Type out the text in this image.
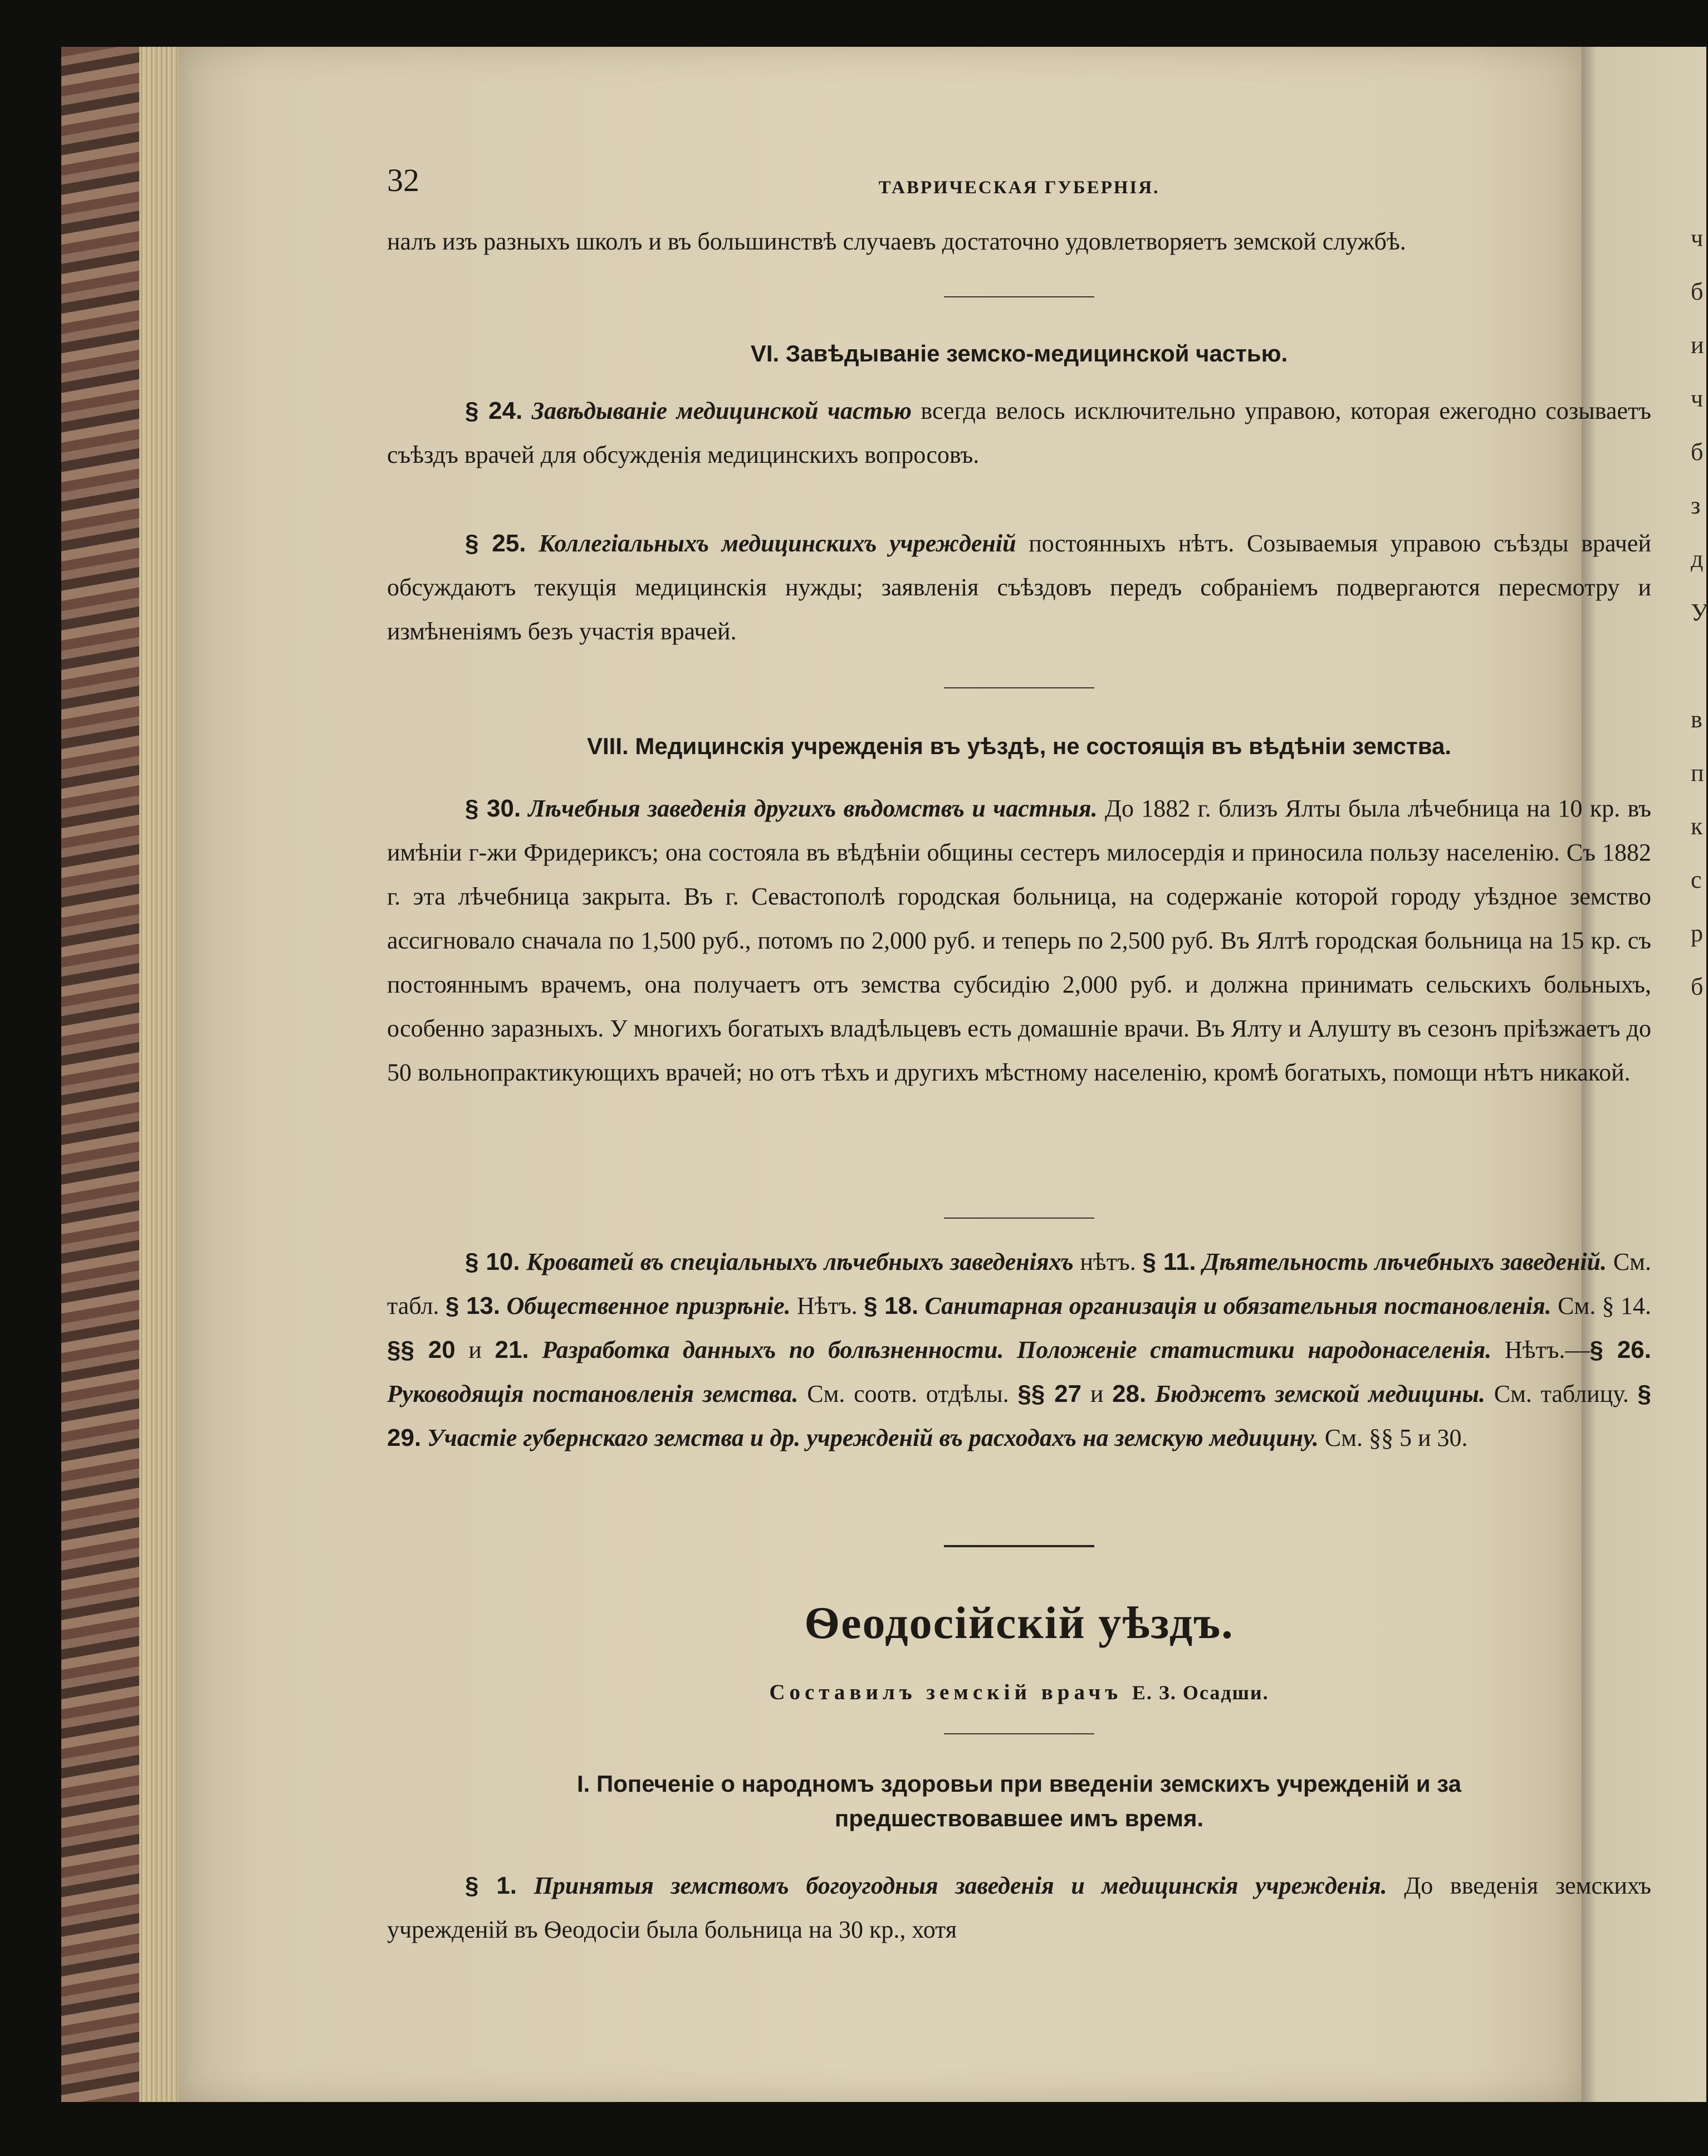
ч
б
и
ч
б
з
д
У

в
п
к
с
р
б
32	ТАВРИЧЕСКАЯ ГУБЕРНІЯ.

налъ изъ разныхъ школъ и въ большинствѣ случаевъ достаточно удовлетворяетъ земской службѣ.

VI. Завѣдываніе земско-медицинской частью.

§ 24. Завѣдываніе медицинской частью всегда велось исключительно управою, которая ежегодно созываетъ съѣздъ врачей для обсужденія медицинскихъ вопросовъ.

§ 25. Коллегіальныхъ медицинскихъ учрежденій постоянныхъ нѣтъ. Созываемыя управою съѣзды врачей обсуждаютъ текущія медицинскія нужды; заявленія съѣздовъ передъ собраніемъ подвергаются пересмотру и измѣненіямъ безъ участія врачей.

VIII. Медицинскія учрежденія въ уѣздѣ, не состоящія въ вѣдѣніи земства.

§ 30. Лѣчебныя заведенія другихъ вѣдомствъ и частныя. До 1882 г. близъ Ялты была лѣчебница на 10 кр. въ имѣніи г-жи Фридериксъ; она состояла въ вѣдѣніи общины сестеръ милосердія и приносила пользу населенію. Съ 1882 г. эта лѣчебница закрыта. Въ г. Севастополѣ городская больница, на содержаніе которой городу уѣздное земство ассигновало сначала по 1,500 руб., потомъ по 2,000 руб. и теперь по 2,500 руб. Въ Ялтѣ городская больница на 15 кр. съ постояннымъ врачемъ, она получаетъ отъ земства субсидію 2,000 руб. и должна принимать сельскихъ больныхъ, особенно заразныхъ. У многихъ богатыхъ владѣльцевъ есть домашніе врачи. Въ Ялту и Алушту въ сезонъ пріѣзжаетъ до 50 вольнопрактикующихъ врачей; но отъ тѣхъ и другихъ мѣстному населенію, кромѣ богатыхъ, помощи нѣтъ никакой.

§ 10. Кроватей въ спеціальныхъ лѣчебныхъ заведеніяхъ нѣтъ. § 11. Дѣятельность лѣчебныхъ заведеній. См. табл. § 13. Общественное призрѣніе. Нѣтъ. § 18. Санитарная организація и обязательныя постановленія. См. § 14. §§ 20 и 21. Разработка данныхъ по болѣзненности. Положеніе статистики народонаселенія. Нѣтъ.—§ 26. Руководящія постановленія земства. См. соотв. отдѣлы. §§ 27 и 28. Бюджетъ земской медицины. См. таблицу. § 29. Участіе губернскаго земства и др. учрежденій въ расходахъ на земскую медицину. См. §§ 5 и 30.

Ѳеодосійскій уѣздъ.
Составилъ земскій врачъ Е. З. Осадши.
I. Попеченіе о народномъ здоровьи при введеніи земскихъ учрежденій и за
предшествовавшее имъ время.

§ 1. Принятыя земствомъ богоугодныя заведенія и медицинскія учрежденія. До введенія земскихъ учрежденій въ Ѳеодосіи была больница на 30 кр., хотя
